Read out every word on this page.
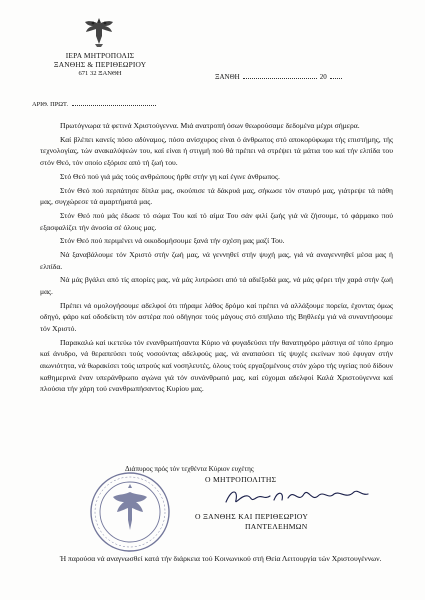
ΙΕΡΑ ΜΗΤΡΟΠΟΛΙΣ
ΞΑΝΘΗΣ & ΠΕΡΙΘΕΩΡΙΟΥ
671 32 ΞΑΝΘΗ	ΞΑΝΘΗ	20
ΑΡΙΘ. ΠΡΩΤ.

Πρωτόγνωρα τά φετινά Χριστούγεννα. Μιά ανατροπή όσων θεωρούσαμε δεδομένα μέχρι σήμερα.

Καί βλέπει κανείς πόσο αδύναμος, πόσο ανίσχυρος είναι ό άνθρωπος στό αποκορύφωμα τής επιστήμης, τής τεχνολογίας, τών ανακαλύψεών του, καί είναι ή στιγμή πού θά πρέπει νά στρέψει τά μάτια του καί τήν ελπίδα του στόν Θεό, τόν οποίο εξόρισε από τή ζωή του.

Στό Θεό πού γιά μάς τούς ανθρώπους ήρθε στήν γη καί έγινε άνθρωπος.

Στόν Θεό πού περπάτησε δίπλα μας, σκούπισε τά δάκρυά μας, σήκωσε τόν σταυρό μας, γιάτρεψε τά πάθη μας, συγχώρεσε τά αμαρτήματά μας.

Στόν Θεό πού μάς έδωσε τό σώμα Του καί τό αίμα Του σάν φιλί ζωής γιά νά ζήσουμε, τό φάρμακο πού εξασφαλίζει τήν άνοσία σέ όλους μας.

Στόν Θεό πού περιμένει νά οικοδομήσουμε ξανά τήν σχέση μας μαζί Του.

Νά ξαναβάλουμε τόν Χριστό στήν ζωή μας, νά γεννηθεί στήν ψυχή μας, γιά νά αναγεννηθεί μέσα μας ή ελπίδα.

Νά μάς βγάλει από τίς απορίες μας, νά μάς λυτρώσει από τά αδιέξοδά μας, νά μάς φέρει τήν χαρά στήν ζωή μας.

Πρέπει νά ομολογήσουμε αδελφοί ότι πήραμε λάθος δρόμο καί πρέπει νά αλλάξουμε πορεία, έχοντας όμως οδηγό, φάρο καί οδοδείκτη τόν αστέρα πού οδήγησε τούς μάγους στό σπήλαιο τής Βηθλεέμ γιά νά συναντήσουμε τόν Χριστό.

Παρακαλώ καί ικετεύω τόν ενανθρωπήσαντα Κύριο νά φυγαδεύσει τήν θανατηφόρο μάστιγα σέ τόπο έρημο καί άνυδρο, νά θεραπεύσει τούς νοσούντας αδελφούς μας, νά αναπαύσει τίς ψυχές εκείνων πού έφυγαν στήν αιωνιότητα, νά θωρακίσει τούς ιατρούς καί νοσηλευτές, όλους τούς εργαζομένους στόν χώρο τής υγείας πού δίδουν καθημερινά έναν υπεράνθρωπο αγώνα γιά τόν συνάνθρωπό μας, καί εύχομαι αδελφοί Καλά Χριστούγεννα καί πλούσια τήν χάρη τού ενανθρωπήσαντος Κυρίου μας.

Διάπυρος πρός τόν τεχθέντα Κύριον ευχέτης
Ο ΜΗΤΡΟΠΟΛΙΤΗΣ
Ο ΞΑΝΘΗΣ ΚΑΙ ΠΕΡΙΘΕΩΡΙΟΥ
ΠΑΝΤΕΛΕΗΜΩΝ

Ή παρούσα νά αναγνωσθεί κατά τήν διάρκεια τού Κοινωνικού στή Θεία Λειτουργία τών Χριστουγέννων.
